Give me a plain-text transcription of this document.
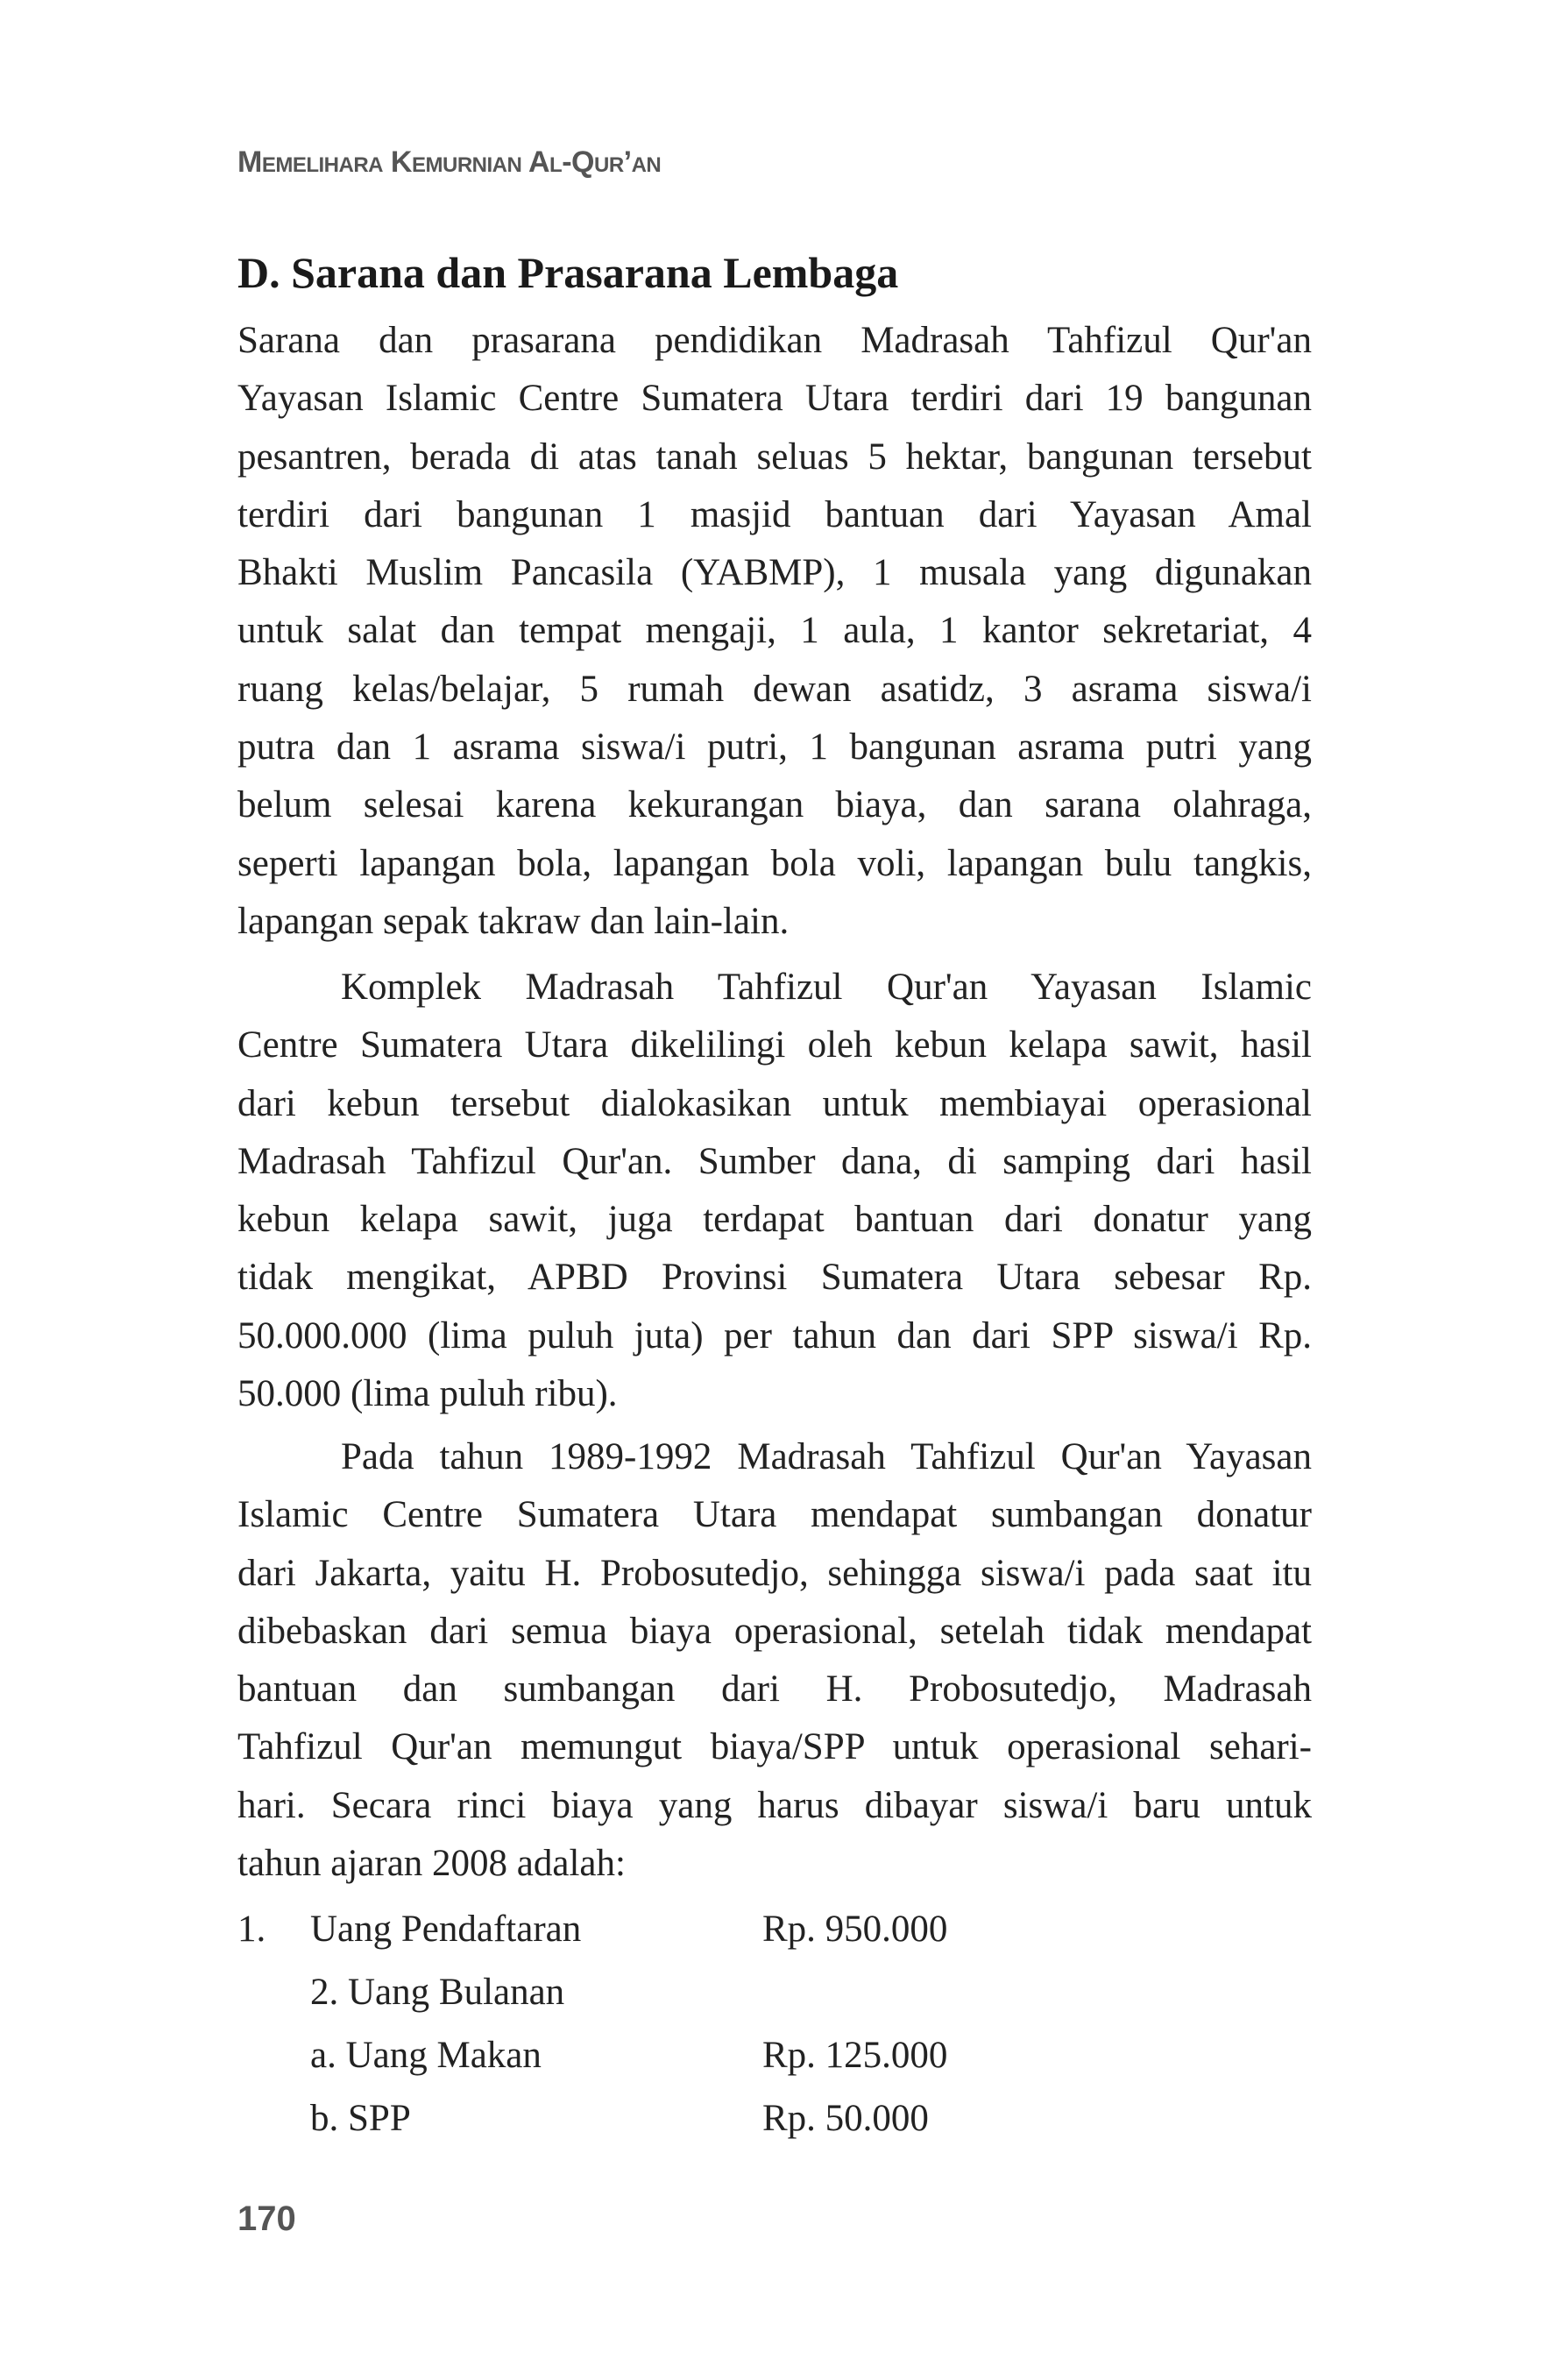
Memelihara Kemurnian Al-Qur’an
D. Sarana dan Prasarana Lembaga
Sarana dan prasarana pendidikan Madrasah Tahfizul Qur'an
Yayasan Islamic Centre Sumatera Utara terdiri dari 19 bangunan
pesantren, berada di atas tanah seluas 5 hektar, bangunan tersebut
terdiri dari bangunan 1 masjid bantuan dari Yayasan Amal
Bhakti Muslim Pancasila (YABMP), 1 musala yang digunakan
untuk salat dan tempat mengaji, 1 aula, 1 kantor sekretariat, 4
ruang kelas/belajar, 5 rumah dewan asatidz, 3 asrama siswa/i
putra dan 1 asrama siswa/i putri, 1 bangunan asrama putri yang
belum selesai karena kekurangan biaya, dan sarana olahraga,
seperti lapangan bola, lapangan bola voli, lapangan bulu tangkis,
lapangan sepak takraw dan lain-lain.
Komplek Madrasah Tahfizul Qur'an Yayasan Islamic
Centre Sumatera Utara dikelilingi oleh kebun kelapa sawit, hasil
dari kebun tersebut dialokasikan untuk membiayai operasional
Madrasah Tahfizul Qur'an. Sumber dana, di samping dari hasil
kebun kelapa sawit, juga terdapat bantuan dari donatur yang
tidak mengikat, APBD Provinsi Sumatera Utara sebesar Rp.
50.000.000 (lima puluh juta) per tahun dan dari SPP siswa/i Rp.
50.000 (lima puluh ribu).
Pada tahun 1989-1992 Madrasah Tahfizul Qur'an Yayasan
Islamic Centre Sumatera Utara mendapat sumbangan donatur
dari Jakarta, yaitu H. Probosutedjo, sehingga siswa/i pada saat itu
dibebaskan dari semua biaya operasional, setelah tidak mendapat
bantuan dan sumbangan dari H. Probosutedjo, Madrasah
Tahfizul Qur'an memungut biaya/SPP untuk operasional sehari-
hari. Secara rinci biaya yang harus dibayar siswa/i baru untuk
tahun ajaran 2008 adalah:
1. Uang Pendaftaran	Rp. 950.000
2. Uang Bulanan
a. Uang Makan	Rp. 125.000
b. SPP	Rp. 50.000
170
